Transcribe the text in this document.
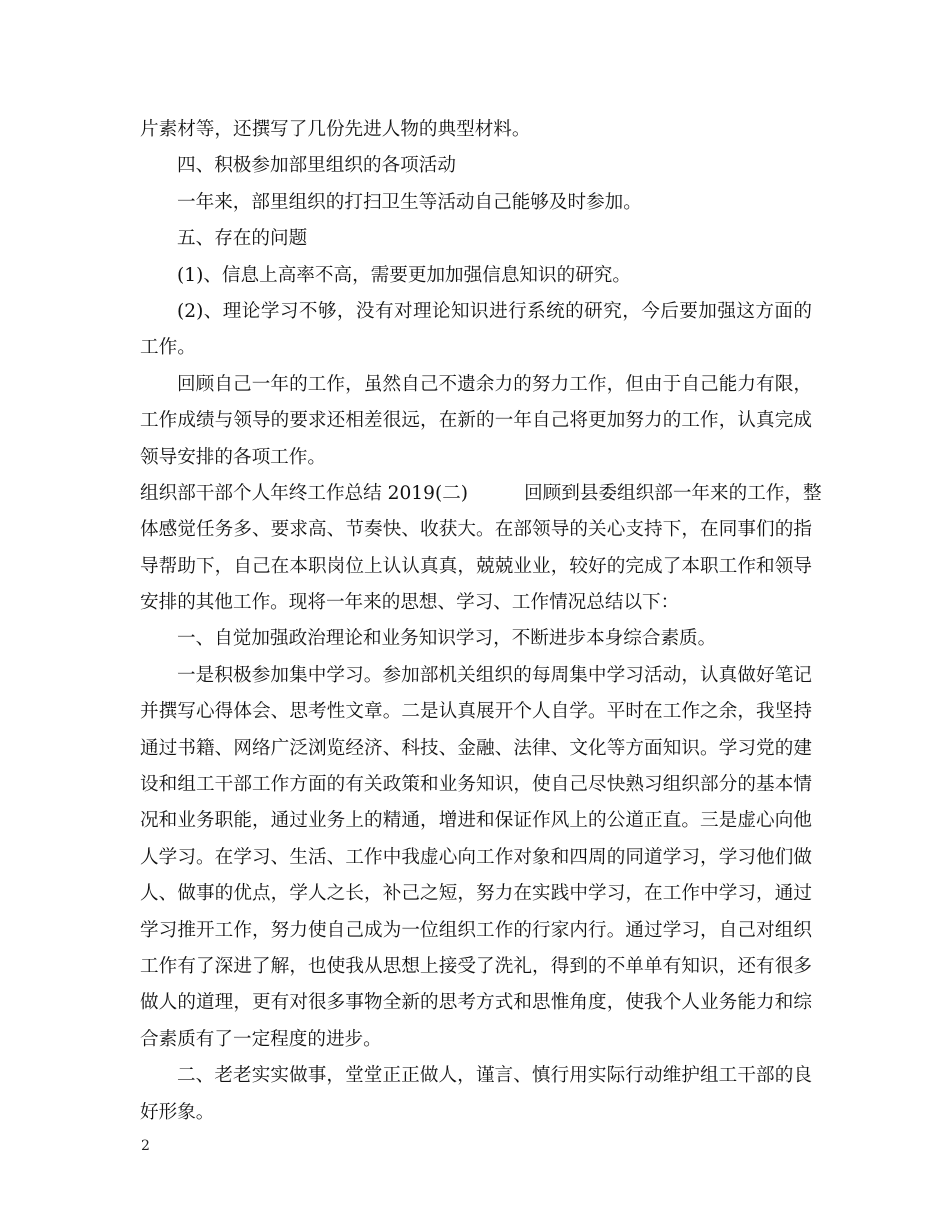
片素材等，还撰写了几份先进人物的典型材料。
四、积极参加部里组织的各项活动
一年来，部里组织的打扫卫生等活动自己能够及时参加。
五、存在的问题
(1)、信息上高率不高，需要更加加强信息知识的研究。
(2)、理论学习不够，没有对理论知识进行系统的研究，今后要加强这方面的
工作。
回顾自己一年的工作，虽然自己不遗余力的努力工作，但由于自己能力有限，
工作成绩与领导的要求还相差很远，在新的一年自己将更加努力的工作，认真完成
领导安排的各项工作。
组织部干部个人年终工作总结 2019(二)	回顾到县委组织部一年来的工作，整
体感觉任务多、要求高、节奏快、收获大。在部领导的关心支持下，在同事们的指
导帮助下，自己在本职岗位上认认真真，兢兢业业，较好的完成了本职工作和领导
安排的其他工作。现将一年来的思想、学习、工作情况总结以下：
一、自觉加强政治理论和业务知识学习，不断进步本身综合素质。
一是积极参加集中学习。参加部机关组织的每周集中学习活动，认真做好笔记
并撰写心得体会、思考性文章。二是认真展开个人自学。平时在工作之余，我坚持
通过书籍、网络广泛浏览经济、科技、金融、法律、文化等方面知识。学习党的建
设和组工干部工作方面的有关政策和业务知识，使自己尽快熟习组织部分的基本情
况和业务职能，通过业务上的精通，增进和保证作风上的公道正直。三是虚心向他
人学习。在学习、生活、工作中我虚心向工作对象和四周的同道学习，学习他们做
人、做事的优点，学人之长，补己之短，努力在实践中学习，在工作中学习，通过
学习推开工作，努力使自己成为一位组织工作的行家内行。通过学习，自己对组织
工作有了深进了解，也使我从思想上接受了洗礼，得到的不单单有知识，还有很多
做人的道理，更有对很多事物全新的思考方式和思惟角度，使我个人业务能力和综
合素质有了一定程度的进步。
二、老老实实做事，堂堂正正做人，谨言、慎行用实际行动维护组工干部的良
好形象。
2
